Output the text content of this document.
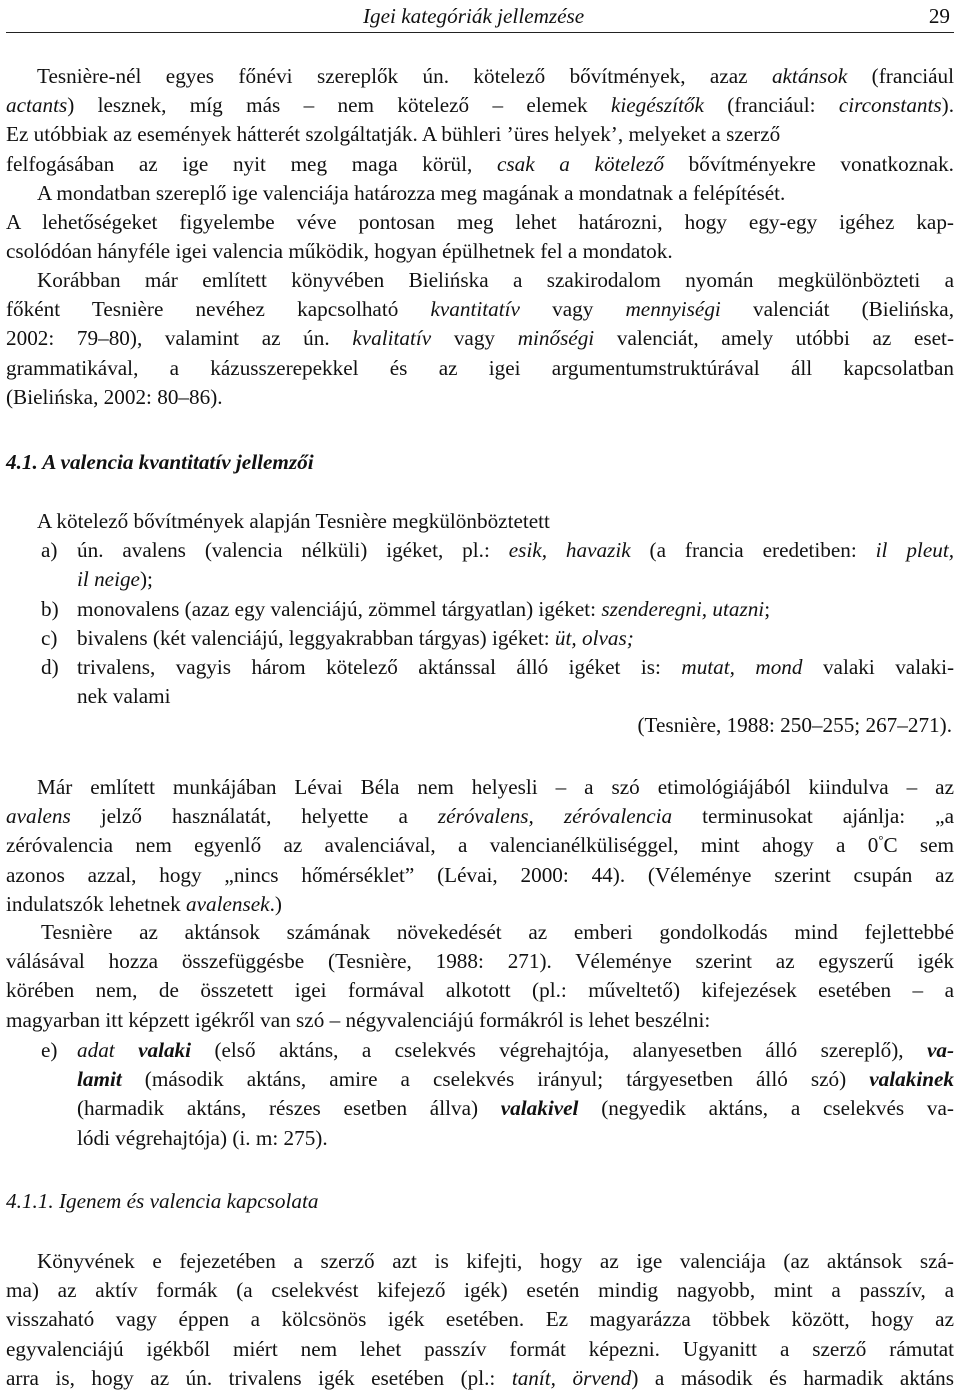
Igei kategóriák jellemzése	29
Tesnière-nél egyes főnévi szereplők ún. kötelező bővítmények, azaz aktánsok (franciául
actants) lesznek, míg más – nem kötelező – elemek kiegészítők (franciául: circonstants).
Ez utóbbiak az események hátterét szolgáltatják. A bühleri ’üres helyek’, melyeket a szerző
felfogásában az ige nyit meg maga körül, csak a kötelező bővítményekre vonatkoznak.
A mondatban szereplő ige valenciája határozza meg magának a mondatnak a felépítését.
A lehetőségeket figyelembe véve pontosan meg lehet határozni, hogy egy-egy igéhez kap-
csolódóan hányféle igei valencia működik, hogyan épülhetnek fel a mondatok.
Korábban már említett könyvében Bielińska a szakirodalom nyomán megkülönbözteti a
főként Tesnière nevéhez kapcsolható kvantitatív vagy mennyiségi valenciát (Bielińska,
2002: 79–80), valamint az ún. kvalitatív vagy minőségi valenciát, amely utóbbi az eset-
grammatikával, a kázusszerepekkel és az igei argumentumstruktúrával áll kapcsolatban
(Bielińska, 2002: 80–86).
4.1. A valencia kvantitatív jellemzői
A kötelező bővítmények alapján Tesnière megkülönböztetett
a) ún. avalens (valencia nélküli) igéket, pl.: esik, havazik (a francia eredetiben: il pleut,
il neige);
b) monovalens (azaz egy valenciájú, zömmel tárgyatlan) igéket: szenderegni, utazni;
c) bivalens (két valenciájú, leggyakrabban tárgyas) igéket: üt, olvas;
d) trivalens, vagyis három kötelező aktánssal álló igéket is: mutat, mond valaki valaki-
nek valami
(Tesnière, 1988: 250–255; 267–271).
Már említett munkájában Lévai Béla nem helyesli – a szó etimológiájából kiindulva – az
avalens jelző használatát, helyette a zéróvalens, zéróvalencia terminusokat ajánlja: „a
zéróvalencia nem egyenlő az avalenciával, a valencianélküliséggel, mint ahogy a 0°C sem
azonos azzal, hogy „nincs hőmérséklet” (Lévai, 2000: 44). (Véleménye szerint csupán az
indulatszók lehetnek avalensek.)
Tesnière az aktánsok számának növekedését az emberi gondolkodás mind fejlettebbé
válásával hozza összefüggésbe (Tesnière, 1988: 271). Véleménye szerint az egyszerű igék
körében nem, de összetett igei formával alkotott (pl.: műveltető) kifejezések esetében – a
magyarban itt képzett igékről van szó – négyvalenciájú formákról is lehet beszélni:
e) adat valaki (első aktáns, a cselekvés végrehajtója, alanyesetben álló szereplő), va-
lamit (második aktáns, amire a cselekvés irányul; tárgyesetben álló szó) valakinek
(harmadik aktáns, részes esetben állva) valakivel (negyedik aktáns, a cselekvés va-
lódi végrehajtója) (i. m: 275).
4.1.1. Igenem és valencia kapcsolata
Könyvének e fejezetében a szerző azt is kifejti, hogy az ige valenciája (az aktánsok szá-
ma) az aktív formák (a cselekvést kifejező igék) esetén mindig nagyobb, mint a passzív, a
visszaható vagy éppen a kölcsönös igék esetében. Ez magyarázza többek között, hogy az
egyvalenciájú igékből miért nem lehet passzív formát képezni. Ugyanitt a szerző rámutat
arra is, hogy az ún. trivalens igék esetében (pl.: tanít, örvend) a második és harmadik aktáns
